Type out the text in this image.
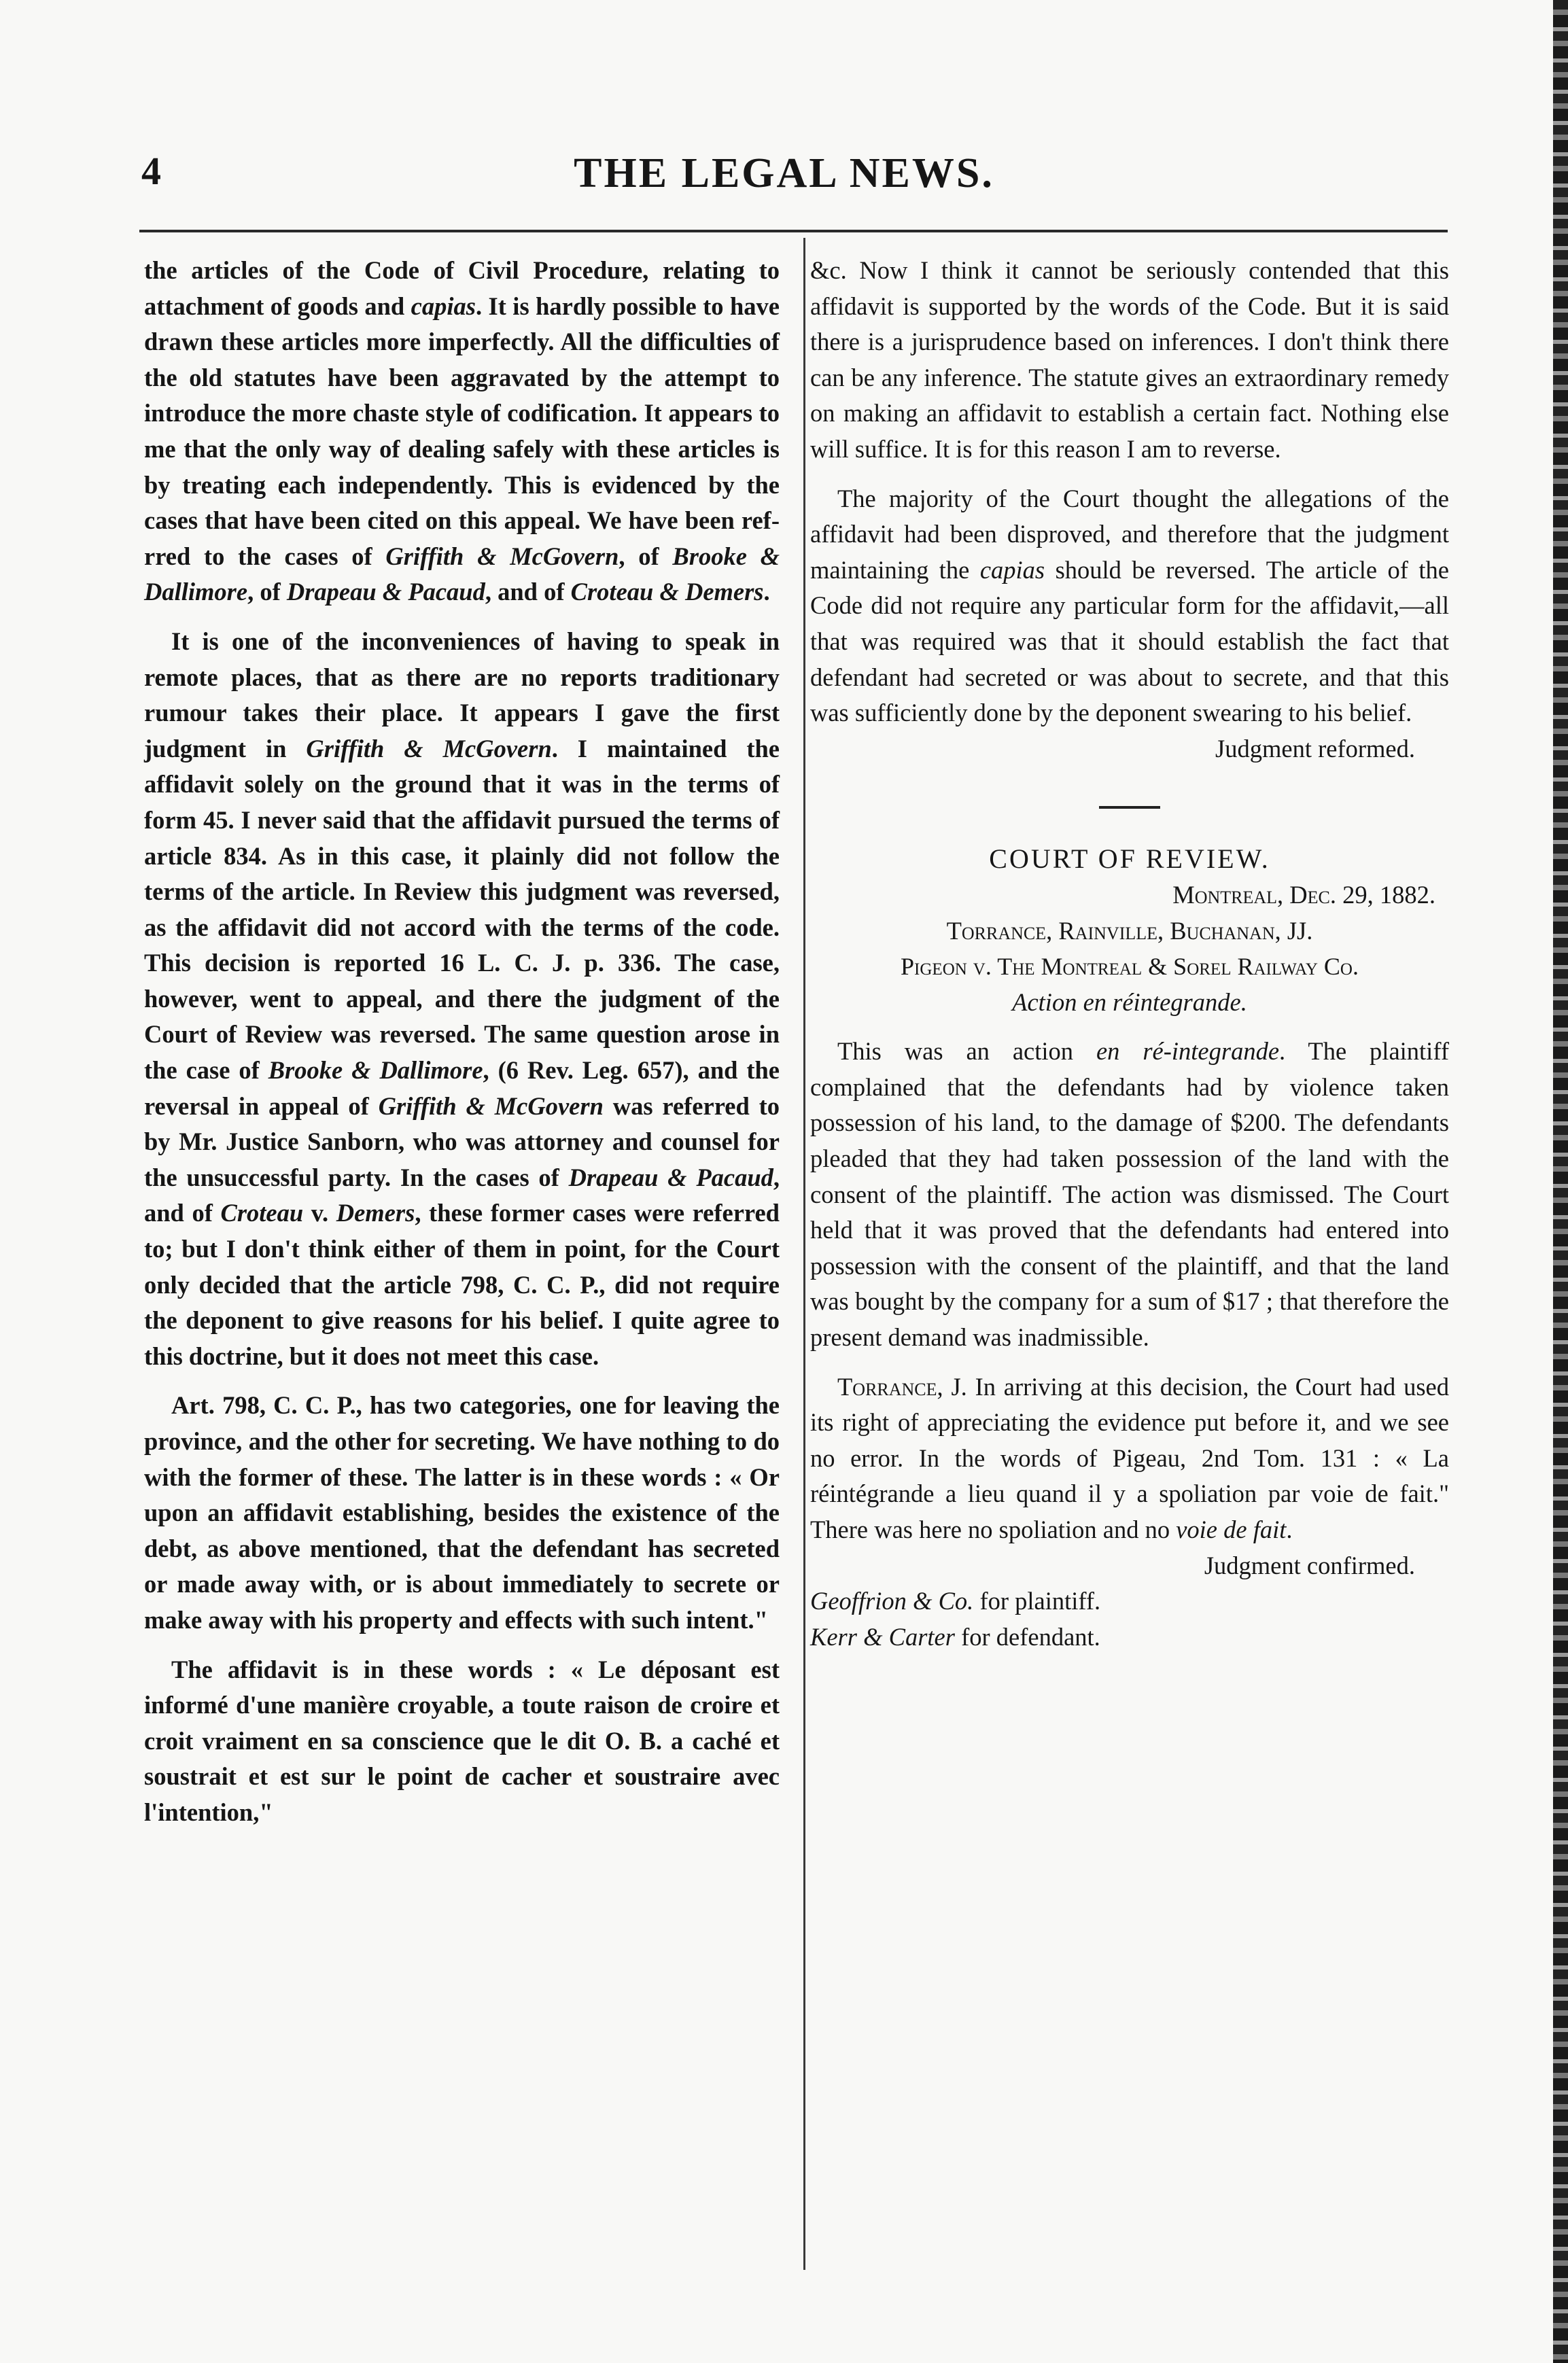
4	THE LEGAL NEWS.

the articles of the Code of Civil Procedure, relating to attachment of goods and capias. It is hardly possible to have drawn these articles more imperfectly. All the difficulties of the old statutes have been aggravated by the attempt to introduce the more chaste style of codification. It appears to me that the only way of dealing safely with these articles is by treating each independently. This is evidenced by the cases that have been cited on this appeal. We have been ref-rred to the cases of Griffith & McGovern, of Brooke & Dallimore, of Drapeau & Pacaud, and of Croteau & Demers.

It is one of the inconveniences of having to speak in remote places, that as there are no reports traditionary rumour takes their place. It appears I gave the first judgment in Griffith & McGovern. I maintained the affidavit solely on the ground that it was in the terms of form 45. I never said that the affidavit pursued the terms of article 834. As in this case, it plainly did not follow the terms of the article. In Review this judgment was reversed, as the affidavit did not accord with the terms of the code. This decision is reported 16 L. C. J. p. 336. The case, however, went to appeal, and there the judgment of the Court of Review was reversed. The same question arose in the case of Brooke & Dallimore, (6 Rev. Leg. 657), and the reversal in appeal of Griffith & McGovern was referred to by Mr. Justice Sanborn, who was attorney and counsel for the unsuccessful party. In the cases of Drapeau & Pacaud, and of Croteau v. Demers, these former cases were referred to; but I don't think either of them in point, for the Court only decided that the article 798, C. C. P., did not require the deponent to give reasons for his belief. I quite agree to this doctrine, but it does not meet this case.

Art. 798, C. C. P., has two categories, one for leaving the province, and the other for secreting. We have nothing to do with the former of these. The latter is in these words : « Or upon an affidavit establishing, besides the existence of the debt, as above mentioned, that the defendant has secreted or made away with, or is about immediately to secrete or make away with his property and effects with such intent."

The affidavit is in these words : « Le déposant est informé d'une manière croyable, a toute raison de croire et croit vraiment en sa conscience que le dit O. B. a caché et soustrait et est sur le point de cacher et soustraire avec l'intention,"

&c. Now I think it cannot be seriously contended that this affidavit is supported by the words of the Code. But it is said there is a jurisprudence based on inferences. I don't think there can be any inference. The statute gives an extraordinary remedy on making an affidavit to establish a certain fact. Nothing else will suffice. It is for this reason I am to reverse.

The majority of the Court thought the allegations of the affidavit had been disproved, and therefore that the judgment maintaining the capias should be reversed. The article of the Code did not require any particular form for the affidavit,—all that was required was that it should establish the fact that defendant had secreted or was about to secrete, and that this was sufficiently done by the deponent swearing to his belief.

Judgment reformed.

COURT OF REVIEW.

Montreal, Dec. 29, 1882.

Torrance, Rainville, Buchanan, JJ.

Pigeon v. The Montreal & Sorel Railway Co.

Action en réintegrande.

This was an action en ré-integrande. The plaintiff complained that the defendants had by violence taken possession of his land, to the damage of $200. The defendants pleaded that they had taken possession of the land with the consent of the plaintiff. The action was dismissed. The Court held that it was proved that the defendants had entered into possession with the consent of the plaintiff, and that the land was bought by the company for a sum of $17 ; that therefore the present demand was inadmissible.

Torrance, J. In arriving at this decision, the Court had used its right of appreciating the evidence put before it, and we see no error. In the words of Pigeau, 2nd Tom. 131 : « La réintégrande a lieu quand il y a spoliation par voie de fait." There was here no spoliation and no voie de fait.

Judgment confirmed.

Geoffrion & Co. for plaintiff.

Kerr & Carter for defendant.
